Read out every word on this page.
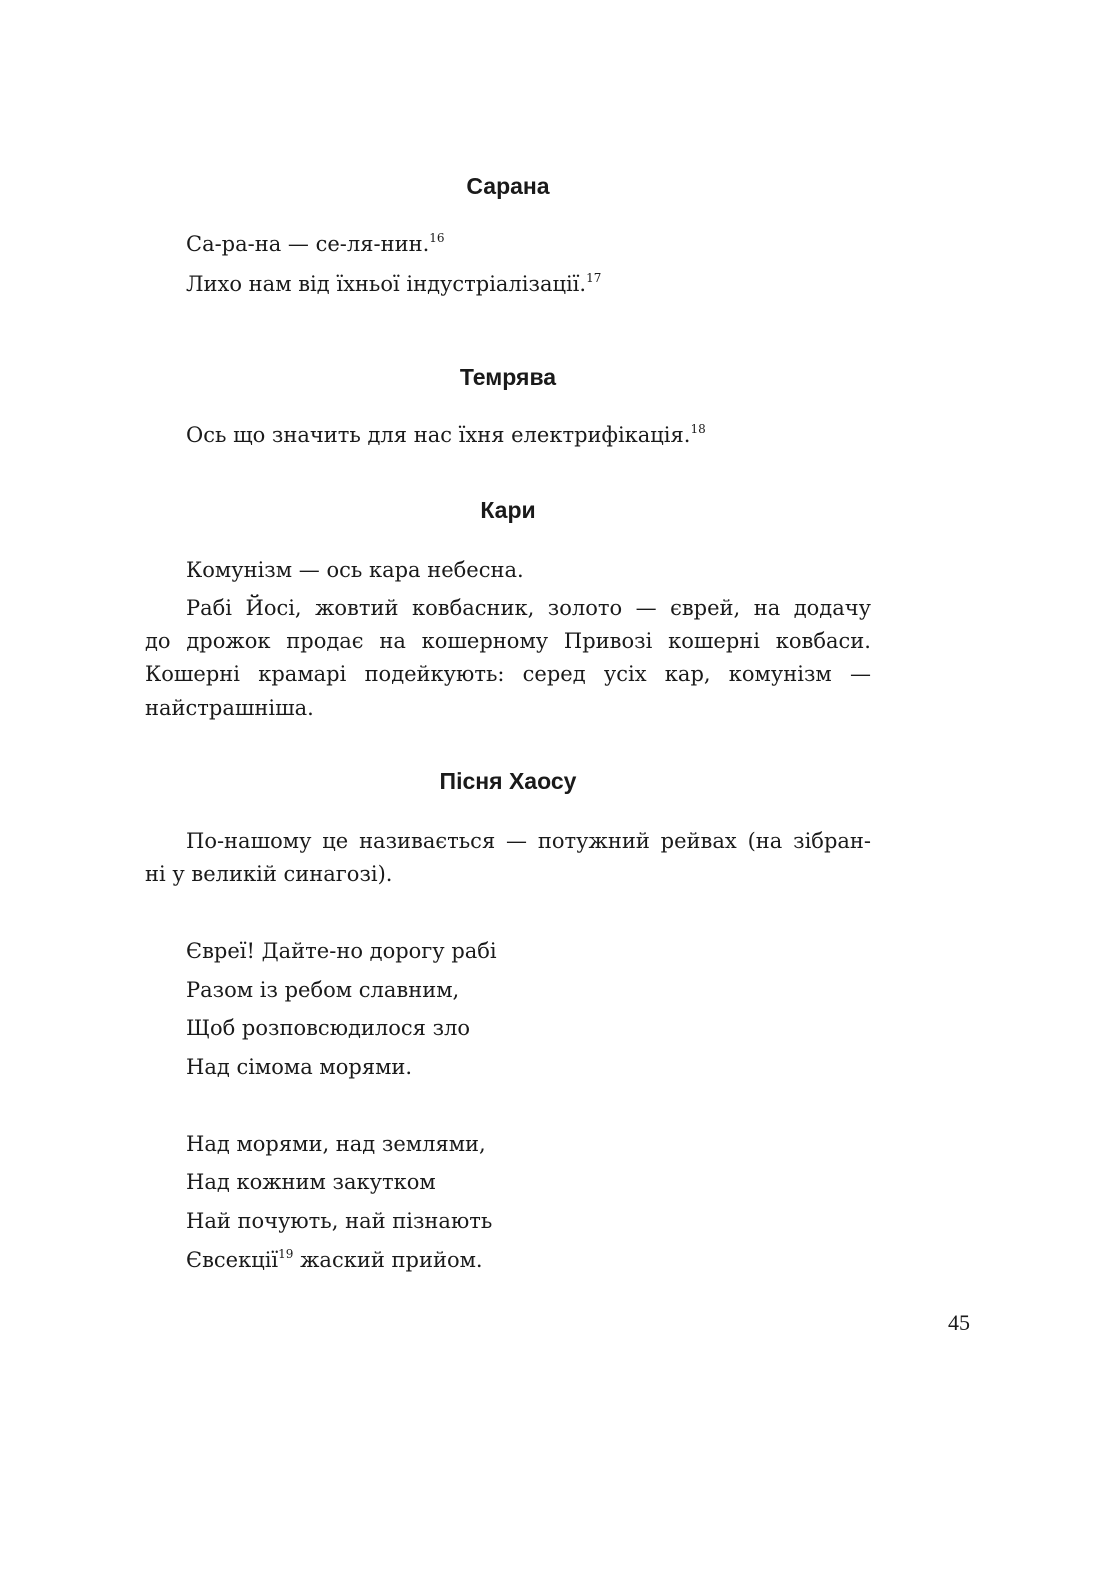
Сарана

Са-ра-на — се-ля-нин.$^{16}$

Лихо нам від їхньої індустріалізації.$^{17}$

Темрява

Ось що значить для нас їхня електрифікація.$^{18}$

Кари

Комунізм — ось кара небесна.

Рабі Йосі, жовтий ковбасник, золото — єврей, на додачу

до дрожок продає на кошерному Привозі кошерні ковбаси.

Кошерні крамарі подейкують: серед усіх кар, комунізм —

найстрашніша.

Пісня Хаосу

По-нашому це називається — потужний рейвах (на зібран-

ні у великій синагозі).

Євреї! Дайте-но дорогу рабі

Разом із ребом славним,

Щоб розповсюдилося зло

Над сімома морями.

Над морями, над землями,

Над кожним закутком

Най почують, най пізнають

Євсекції$^{19}$ жаский прийом.

45
